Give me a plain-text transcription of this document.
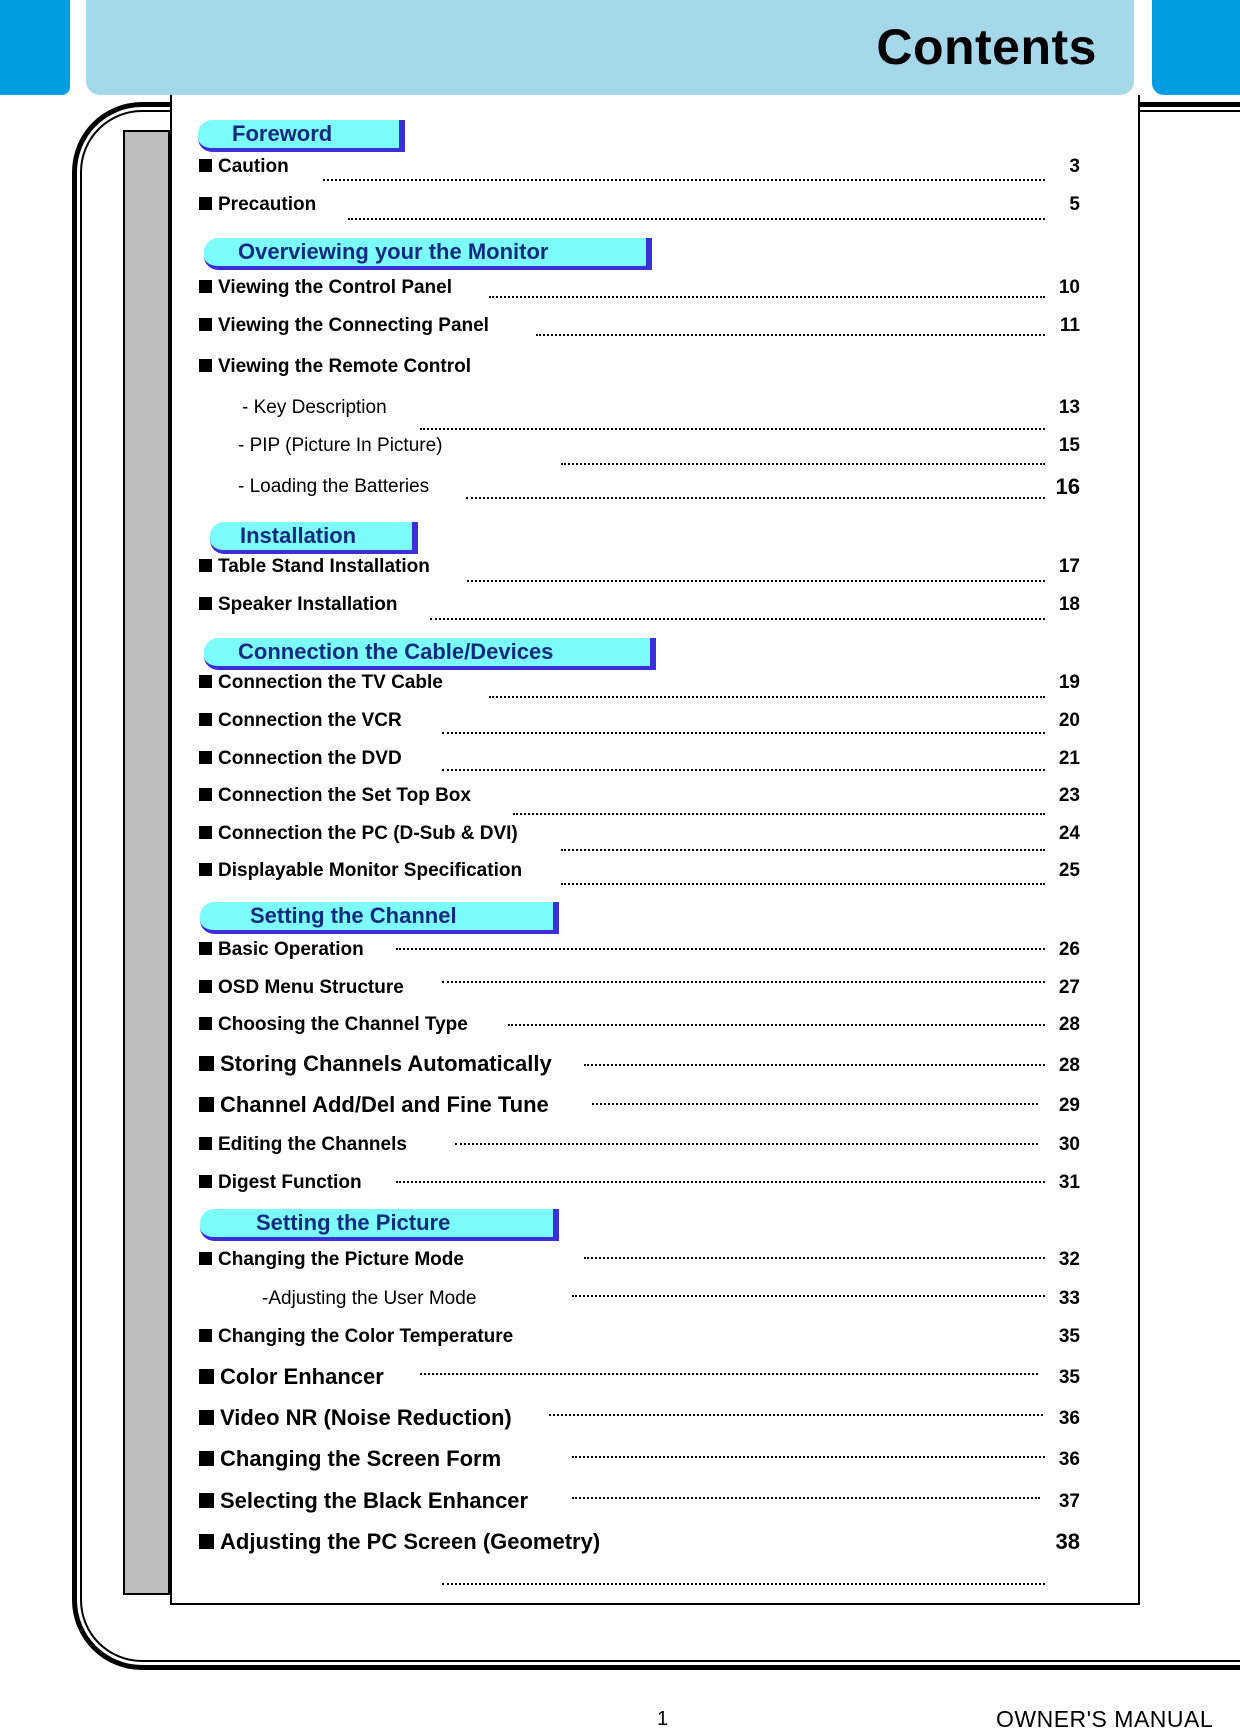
Contents
Foreword
Caution	3
Precaution	5
Overviewing your the Monitor
Viewing the Control Panel	10
Viewing the Connecting Panel	11
Viewing the Remote Control
- Key Description	13
- PIP (Picture In Picture)	15
- Loading the Batteries	16
Installation
Table Stand Installation	17
Speaker Installation	18
Connection the Cable/Devices
Connection the TV Cable	19
Connection the VCR	20
Connection the DVD	21
Connection the Set Top Box	23
Connection the PC (D-Sub & DVI)	24
Displayable Monitor Specification	25
Setting the Channel
Basic Operation	26
OSD Menu Structure	27
Choosing the Channel Type	28
Storing Channels Automatically	28
Channel Add/Del and Fine Tune	29
Editing the Channels	30
Digest Function	31
Setting the Picture
Changing the Picture Mode	32
-Adjusting the User Mode	33
Changing the Color Temperature	35
Color Enhancer	35
Video NR (Noise Reduction)	36
Changing the Screen Form	36
Selecting the Black Enhancer	37
Adjusting the PC Screen (Geometry)	38
1	OWNER'S MANUAL
